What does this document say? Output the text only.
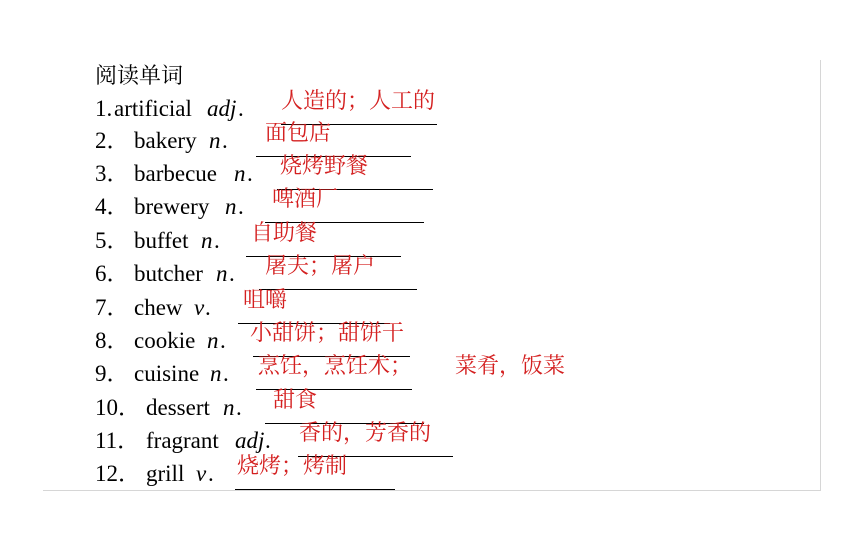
阅读单词
1. artificial adj . 人造的；人工的
2． bakery n . 面包店
3． barbecue n . 烧烤野餐
4． brewery n . 啤酒厂
5． buffet n . 自助餐
6． butcher n . 屠夫；屠户
7． chew v . 咀嚼
8． cookie n . 小甜饼；甜饼干
9． cuisine n . 烹饪，烹饪术； 菜肴，饭菜
10． dessert n . 甜食
11． fragrant adj . 香的，芳香的
12． grill v . 烧烤；烤制
